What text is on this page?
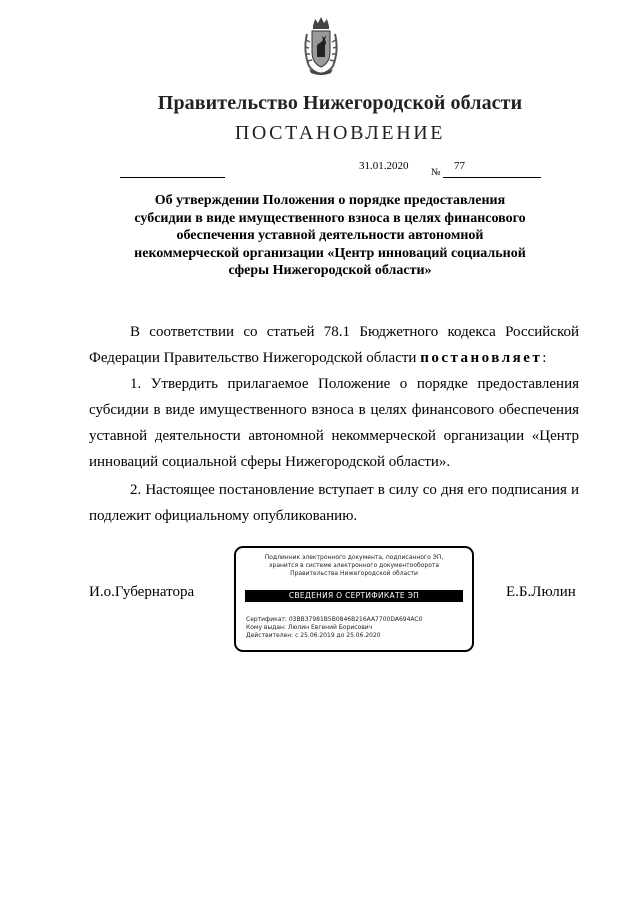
Правительство Нижегородской области
ПОСТАНОВЛЕНИЕ
31.01.2020
№
77
Об утверждении Положения о порядке предоставления
субсидии в виде имущественного взноса в целях финансового
обеспечения уставной деятельности автономной
некоммерческой организации «Центр инноваций социальной
сферы Нижегородской области»
В соответствии со статьей 78.1 Бюджетного кодекса Российской Федерации Правительство Нижегородской области постановляет:
1. Утвердить прилагаемое Положение о порядке предоставления субсидии в виде имущественного взноса в целях финансового обеспечения уставной деятельности автономной некоммерческой организации «Центр инноваций социальной сферы Нижегородской области».
2. Настоящее постановление вступает в силу со дня его подписания и подлежит официальному опубликованию.
И.о.Губернатора
Подлинник электронного документа, подписанного ЭП,
хранится в системе электронного документооборота
Правительства Нижегородской области
СВЕДЕНИЯ О СЕРТИФИКАТЕ ЭП
Сертификат: 03BB37981B5B0846B216AA7700DA694AC0
Кому выдан: Люлин Евгений Борисович
Действителен: с 25.06.2019 до 25.06.2020
Е.Б.Люлин
